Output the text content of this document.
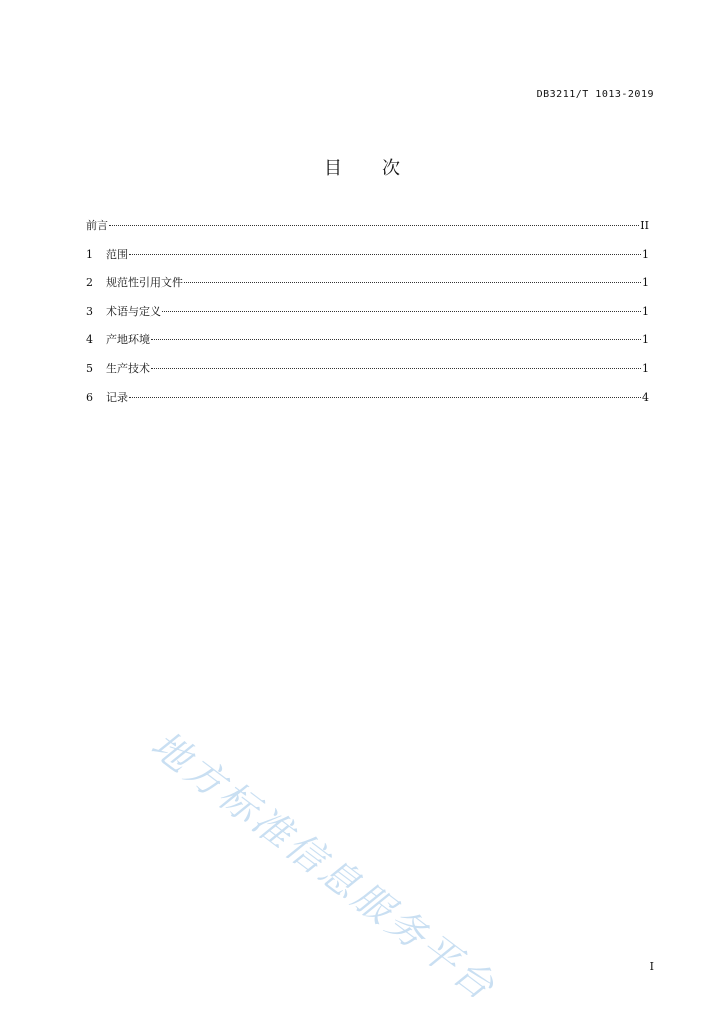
DB3211/T 1013-2019
目 次
前言	II
1	范围	1
2	规范性引用文件	1
3	术语与定义	1
4	产地环境	1
5	生产技术	1
6	记录	4
地方标准信息服务平台	I
